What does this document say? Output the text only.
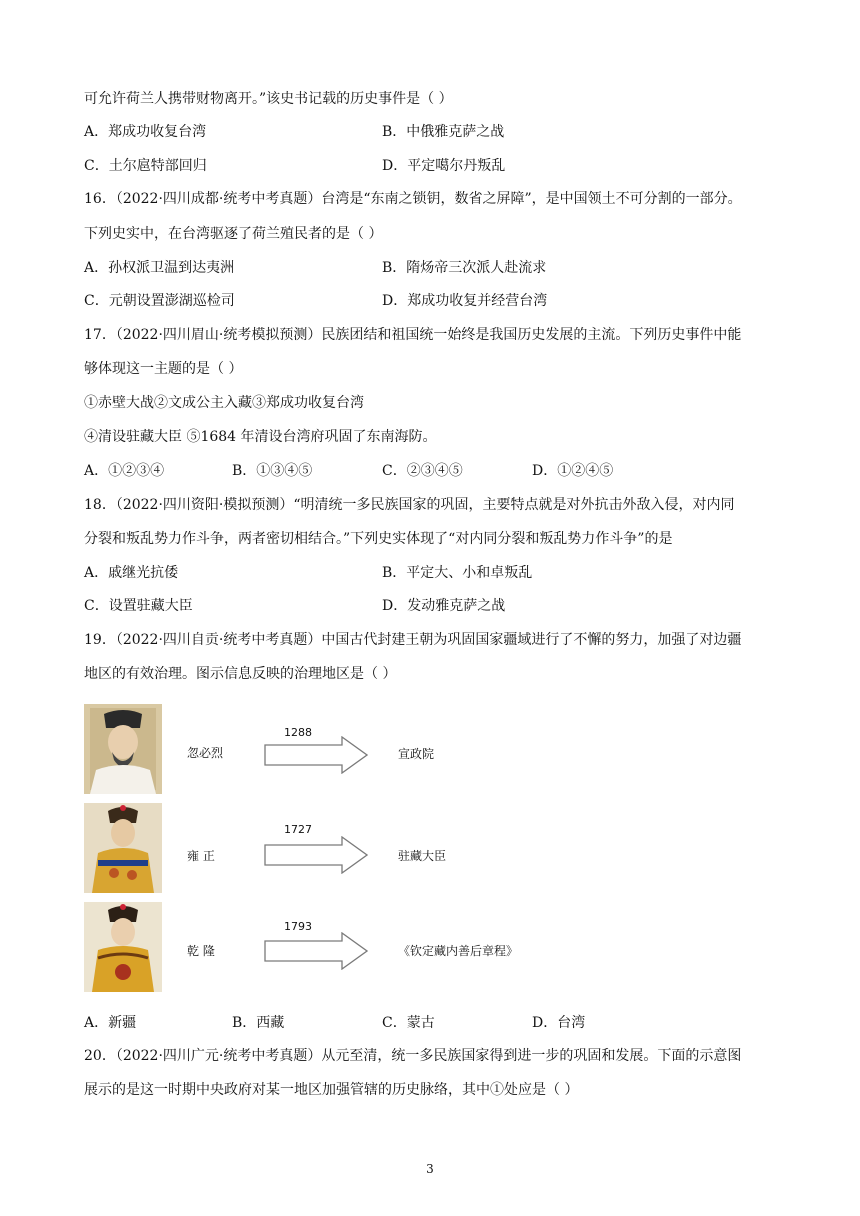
可允许荷兰人携带财物离开。”该史书记载的历史事件是（ ）
A．郑成功收复台湾	B．中俄雅克萨之战
C．土尔扈特部回归	D．平定噶尔丹叛乱
16．（2022·四川成都·统考中考真题）台湾是“东南之锁钥，数省之屏障”，是中国领土不可分割的一部分。
下列史实中，在台湾驱逐了荷兰殖民者的是（ ）
A．孙权派卫温到达夷洲	B．隋炀帝三次派人赴流求
C．元朝设置澎湖巡检司	D．郑成功收复并经营台湾
17．（2022·四川眉山·统考模拟预测）民族团结和祖国统一始终是我国历史发展的主流。下列历史事件中能
够体现这一主题的是（ ）
①赤壁大战②文成公主入藏③郑成功收复台湾
④清设驻藏大臣 ⑤1684 年清设台湾府巩固了东南海防。
A．①②③④	B．①③④⑤	C．②③④⑤	D．①②④⑤
18．（2022·四川资阳·模拟预测）“明清统一多民族国家的巩固，主要特点就是对外抗击外敌入侵，对内同
分裂和叛乱势力作斗争，两者密切相结合。”下列史实体现了“对内同分裂和叛乱势力作斗争”的是
A．戚继光抗倭	B．平定大、小和卓叛乱
C．设置驻藏大臣	D．发动雅克萨之战
19．（2022·四川自贡·统考中考真题）中国古代封建王朝为巩固国家疆域进行了不懈的努力，加强了对边疆
地区的有效治理。图示信息反映的治理地区是（ ）
忽必烈
1288
宣政院
雍 正
1727
驻藏大臣
乾 隆
1793
《钦定藏内善后章程》
A．新疆	B．西藏	C．蒙古	D．台湾
20．（2022·四川广元·统考中考真题）从元至清，统一多民族国家得到进一步的巩固和发展。下面的示意图
展示的是这一时期中央政府对某一地区加强管辖的历史脉络，其中①处应是（ ）
3
